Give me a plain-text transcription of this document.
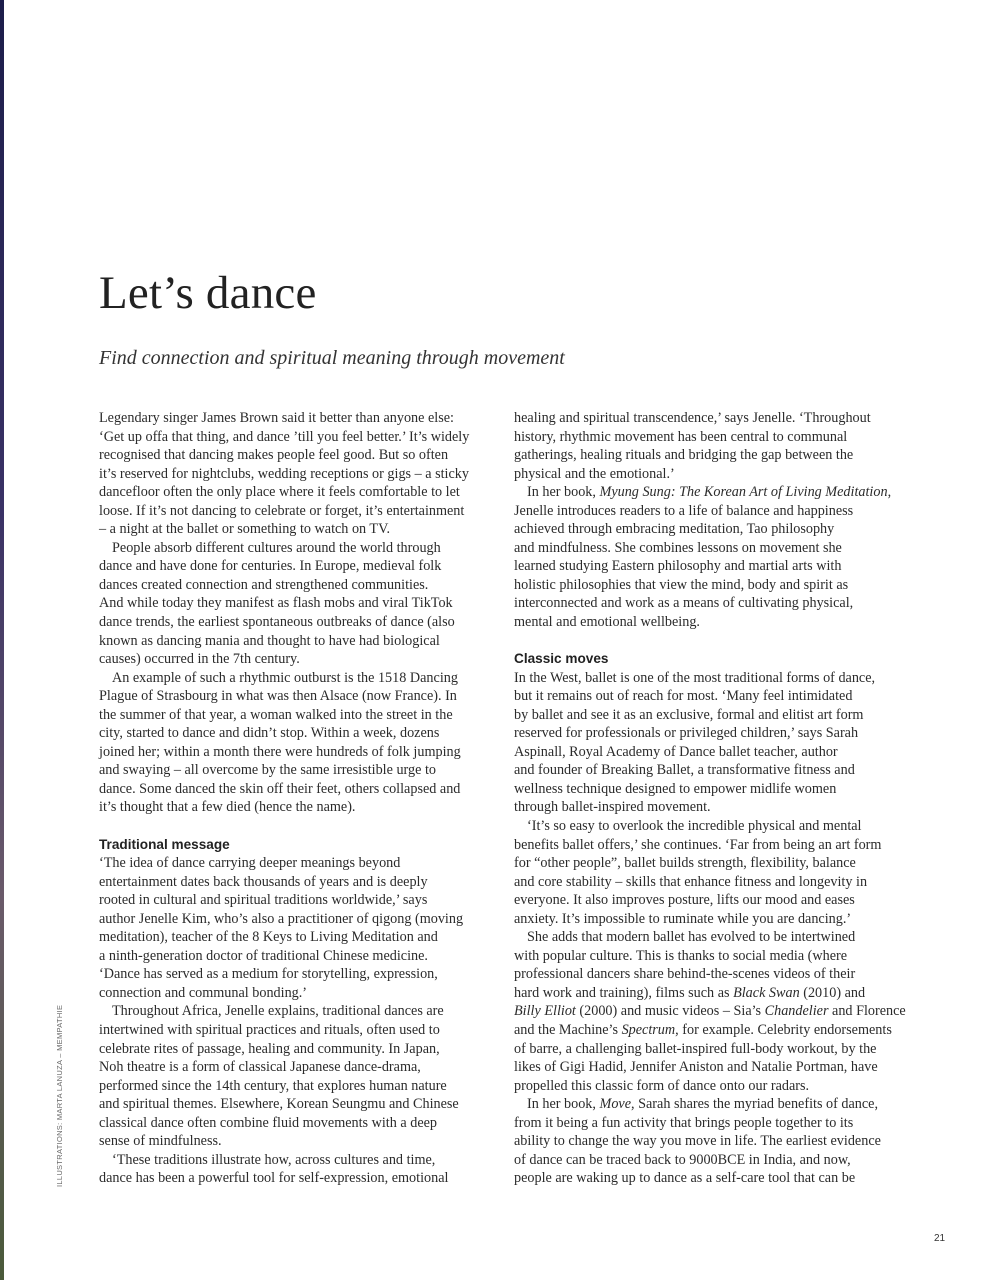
Let’s dance

Find connection and spiritual meaning through movement

Legendary singer James Brown said it better than anyone else:
‘Get up offa that thing, and dance ’till you feel better.’ It’s widely
recognised that dancing makes people feel good. But so often
it’s reserved for nightclubs, wedding receptions or gigs – a sticky
dancefloor often the only place where it feels comfortable to let
loose. If it’s not dancing to celebrate or forget, it’s entertainment
– a night at the ballet or something to watch on TV.
People absorb different cultures around the world through
dance and have done for centuries. In Europe, medieval folk
dances created connection and strengthened communities.
And while today they manifest as flash mobs and viral TikTok
dance trends, the earliest spontaneous outbreaks of dance (also
known as dancing mania and thought to have had biological
causes) occurred in the 7th century.
An example of such a rhythmic outburst is the 1518 Dancing
Plague of Strasbourg in what was then Alsace (now France). In
the summer of that year, a woman walked into the street in the
city, started to dance and didn’t stop. Within a week, dozens
joined her; within a month there were hundreds of folk jumping
and swaying – all overcome by the same irresistible urge to
dance. Some danced the skin off their feet, others collapsed and
it’s thought that a few died (hence the name).
Traditional message
‘The idea of dance carrying deeper meanings beyond
entertainment dates back thousands of years and is deeply
rooted in cultural and spiritual traditions worldwide,’ says
author Jenelle Kim, who’s also a practitioner of qigong (moving
meditation), teacher of the 8 Keys to Living Meditation and
a ninth-generation doctor of traditional Chinese medicine.
‘Dance has served as a medium for storytelling, expression,
connection and communal bonding.’
Throughout Africa, Jenelle explains, traditional dances are
intertwined with spiritual practices and rituals, often used to
celebrate rites of passage, healing and community. In Japan,
Noh theatre is a form of classical Japanese dance-drama,
performed since the 14th century, that explores human nature
and spiritual themes. Elsewhere, Korean Seungmu and Chinese
classical dance often combine fluid movements with a deep
sense of mindfulness.
‘These traditions illustrate how, across cultures and time,
dance has been a powerful tool for self-expression, emotional
healing and spiritual transcendence,’ says Jenelle. ‘Throughout
history, rhythmic movement has been central to communal
gatherings, healing rituals and bridging the gap between the
physical and the emotional.’
In her book, Myung Sung: The Korean Art of Living Meditation,
Jenelle introduces readers to a life of balance and happiness
achieved through embracing meditation, Tao philosophy
and mindfulness. She combines lessons on movement she
learned studying Eastern philosophy and martial arts with
holistic philosophies that view the mind, body and spirit as
interconnected and work as a means of cultivating physical,
mental and emotional wellbeing.
Classic moves
In the West, ballet is one of the most traditional forms of dance,
but it remains out of reach for most. ‘Many feel intimidated
by ballet and see it as an exclusive, formal and elitist art form
reserved for professionals or privileged children,’ says Sarah
Aspinall, Royal Academy of Dance ballet teacher, author
and founder of Breaking Ballet, a transformative fitness and
wellness technique designed to empower midlife women
through ballet-inspired movement.
‘It’s so easy to overlook the incredible physical and mental
benefits ballet offers,’ she continues. ‘Far from being an art form
for “other people”, ballet builds strength, flexibility, balance
and core stability – skills that enhance fitness and longevity in
everyone. It also improves posture, lifts our mood and eases
anxiety. It’s impossible to ruminate while you are dancing.’
She adds that modern ballet has evolved to be intertwined
with popular culture. This is thanks to social media (where
professional dancers share behind-the-scenes videos of their
hard work and training), films such as Black Swan (2010) and
Billy Elliot (2000) and music videos – Sia’s Chandelier and Florence
and the Machine’s Spectrum, for example. Celebrity endorsements
of barre, a challenging ballet-inspired full-body workout, by the
likes of Gigi Hadid, Jennifer Aniston and Natalie Portman, have
propelled this classic form of dance onto our radars.
In her book, Move, Sarah shares the myriad benefits of dance,
from it being a fun activity that brings people together to its
ability to change the way you move in life. The earliest evidence
of dance can be traced back to 9000BCE in India, and now,
people are waking up to dance as a self-care tool that can be
ILLUSTRATIONS: MARTA LANUZA – MEMPATHIE
21
